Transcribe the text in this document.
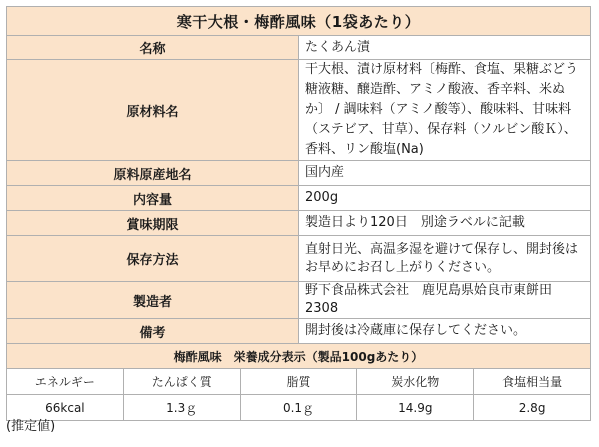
寒干大根・梅酢風味（1袋あたり）	
名称	たくあん漬
原材料名	干大根、漬け原材料〔梅酢、食塩、果糖ぶどう糖液糖、醸造酢、アミノ酸液、香辛料、米ぬか〕 / 調味料（アミノ酸等）、酸味料、甘味料（ステビア、甘草）、保存料（ソルビン酸Ｋ）、香料、リン酸塩(Na)
原料原産地名	国内産
内容量	200g
賞味期限	製造日より120日　別途ラベルに記載
保存方法	直射日光、高温多湿を避けて保存し、開封後はお早めにお召し上がりください。
製造者	野下食品株式会社　鹿児島県姶良市東餅田2308
備考	開封後は冷蔵庫に保存してください。
梅酢風味　栄養成分表示（製品100gあたり）				
エネルギー	たんぱく質	脂質	炭水化物	食塩相当量
66kcal	1.3ｇ	0.1ｇ	14.9g	2.8g
(推定値)
